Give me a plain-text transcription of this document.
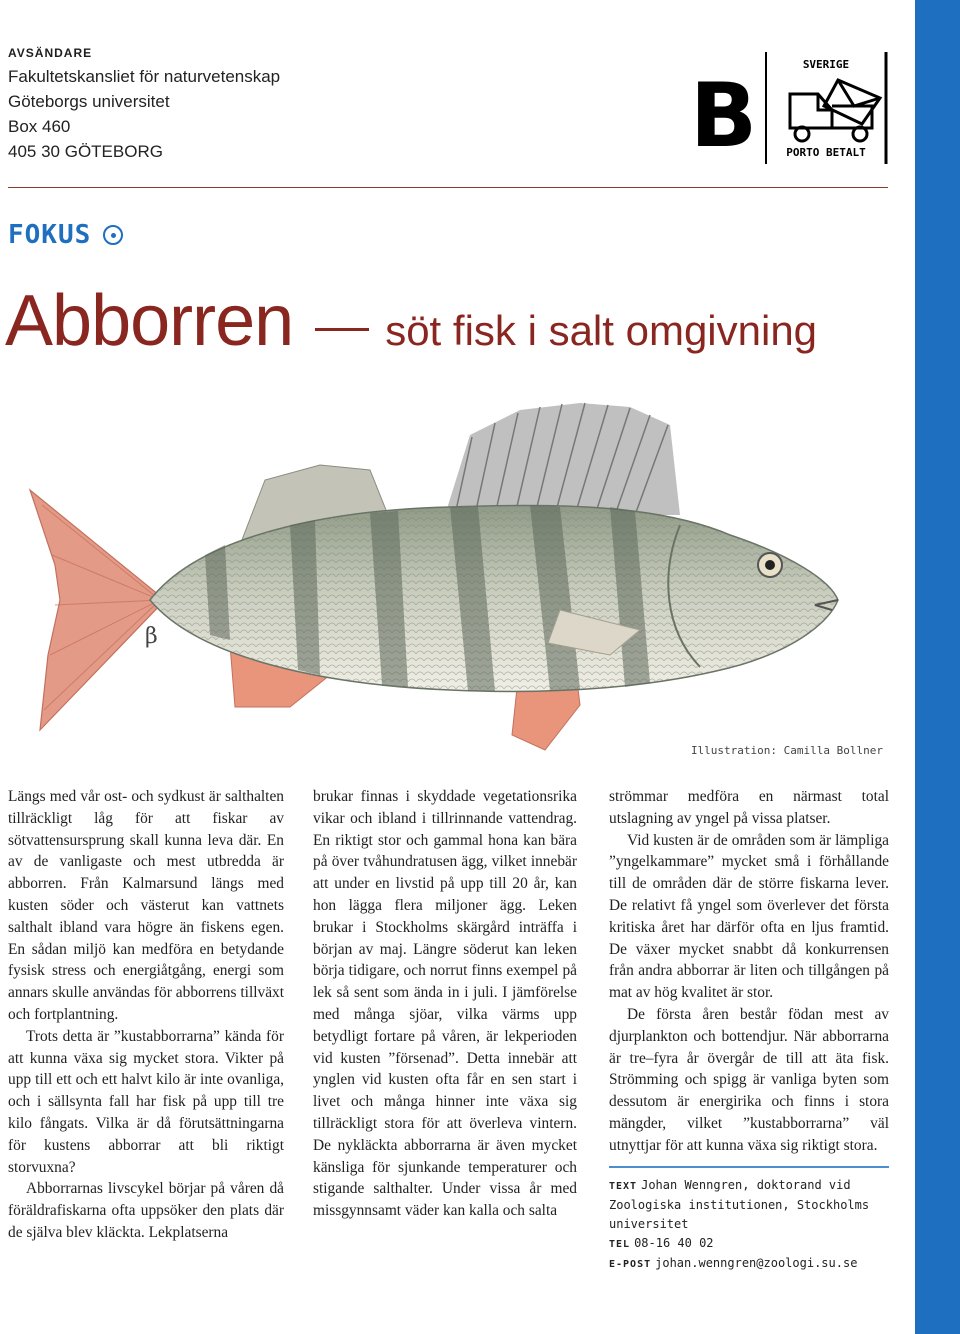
AVSÄNDARE
Fakultetskansliet för naturvetenskap
Göteborgs universitet
Box 460
405 30 GÖTEBORG	B	SVERIGE
PORTO BETALT
FOKUS
Abborren söt fisk i salt omgivning
β
Illustration: Camilla Bollner

Längs med vår ost- och sydkust är salthalten tillräckligt låg för att fiskar av sötvattensursprung skall kunna leva där. En av de vanligaste och mest utbredda är abborren. Från Kalmarsund längs med kusten söder och västerut kan vattnets salthalt ibland vara högre än fiskens egen. En sådan miljö kan medföra en betydande fysisk stress och energiåtgång, energi som annars skulle användas för abborrens tillväxt och fortplantning.

Trots detta är ”kustabborrarna” kända för att kunna växa sig mycket stora. Vikter på upp till ett och ett halvt kilo är inte ovanliga, och i sällsynta fall har fisk på upp till tre kilo fångats. Vilka är då förutsättningarna för kustens abborrar att bli riktigt storvuxna?

Abborrarnas livscykel börjar på våren då föräldrafiskarna ofta uppsöker den plats där de själva blev kläckta. Lekplatserna

brukar finnas i skyddade vegetationsrika vikar och ibland i tillrinnande vattendrag. En riktigt stor och gammal hona kan bära på över tvåhundratusen ägg, vilket innebär att under en livstid på upp till 20 år, kan hon lägga flera miljoner ägg. Leken brukar i Stockholms skärgård inträffa i början av maj. Längre söderut kan leken börja tidigare, och norrut finns exempel på lek så sent som ända in i juli. I jämförelse med många sjöar, vilka värms upp betydligt fortare på våren, är lekperioden vid kusten ”försenad”. Detta innebär att ynglen vid kusten ofta får en sen start i livet och många hinner inte växa sig tillräckligt stora för att överleva vintern. De nykläckta abborrarna är även mycket känsliga för sjunkande temperaturer och stigande salthalter. Under vissa år med missgynnsamt väder kan kalla och salta

strömmar medföra en närmast total utslagning av yngel på vissa platser.

Vid kusten är de områden som är lämpliga ”yngelkammare” mycket små i förhållande till de områden där de större fiskarna lever. De relativt få yngel som överlever det första kritiska året har därför ofta en ljus framtid. De växer mycket snabbt då konkurrensen från andra abborrar är liten och tillgången på mat av hög kvalitet är stor.

De första åren består födan mest av djurplankton och bottendjur. När abborrarna är tre–fyra år övergår de till att äta fisk. Strömming och spigg är vanliga byten som dessutom är energirika och finns i stora mängder, vilket ”kustabborrarna” väl utnyttjar för att kunna växa sig riktigt stora.

TEXT Johan Wenngren, doktorand vid Zoologiska institutionen, Stockholms universitet
TEL 08-16 40 02
E-POST johan.wenngren@zoologi.su.se
